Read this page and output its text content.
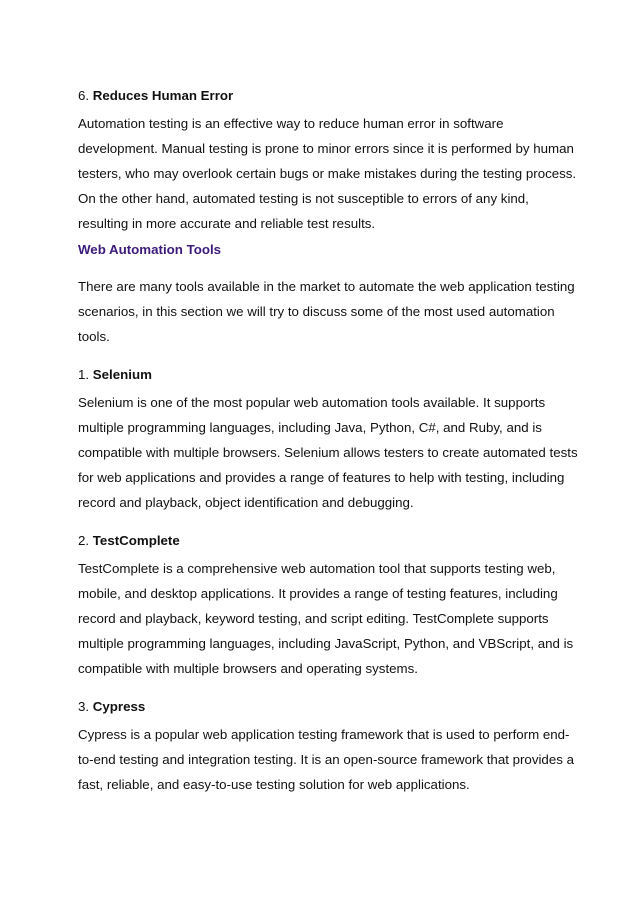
6. Reduces Human Error

Automation testing is an effective way to reduce human error in software

development. Manual testing is prone to minor errors since it is performed by human

testers, who may overlook certain bugs or make mistakes during the testing process.

On the other hand, automated testing is not susceptible to errors of any kind,

resulting in more accurate and reliable test results.

Web Automation Tools

There are many tools available in the market to automate the web application testing

scenarios, in this section we will try to discuss some of the most used automation

tools.

1. Selenium

Selenium is one of the most popular web automation tools available. It supports

multiple programming languages, including Java, Python, C#, and Ruby, and is

compatible with multiple browsers. Selenium allows testers to create automated tests

for web applications and provides a range of features to help with testing, including

record and playback, object identification and debugging.

2. TestComplete

TestComplete is a comprehensive web automation tool that supports testing web,

mobile, and desktop applications. It provides a range of testing features, including

record and playback, keyword testing, and script editing. TestComplete supports

multiple programming languages, including JavaScript, Python, and VBScript, and is

compatible with multiple browsers and operating systems.

3. Cypress

Cypress is a popular web application testing framework that is used to perform end-

to-end testing and integration testing. It is an open-source framework that provides a

fast, reliable, and easy-to-use testing solution for web applications.
